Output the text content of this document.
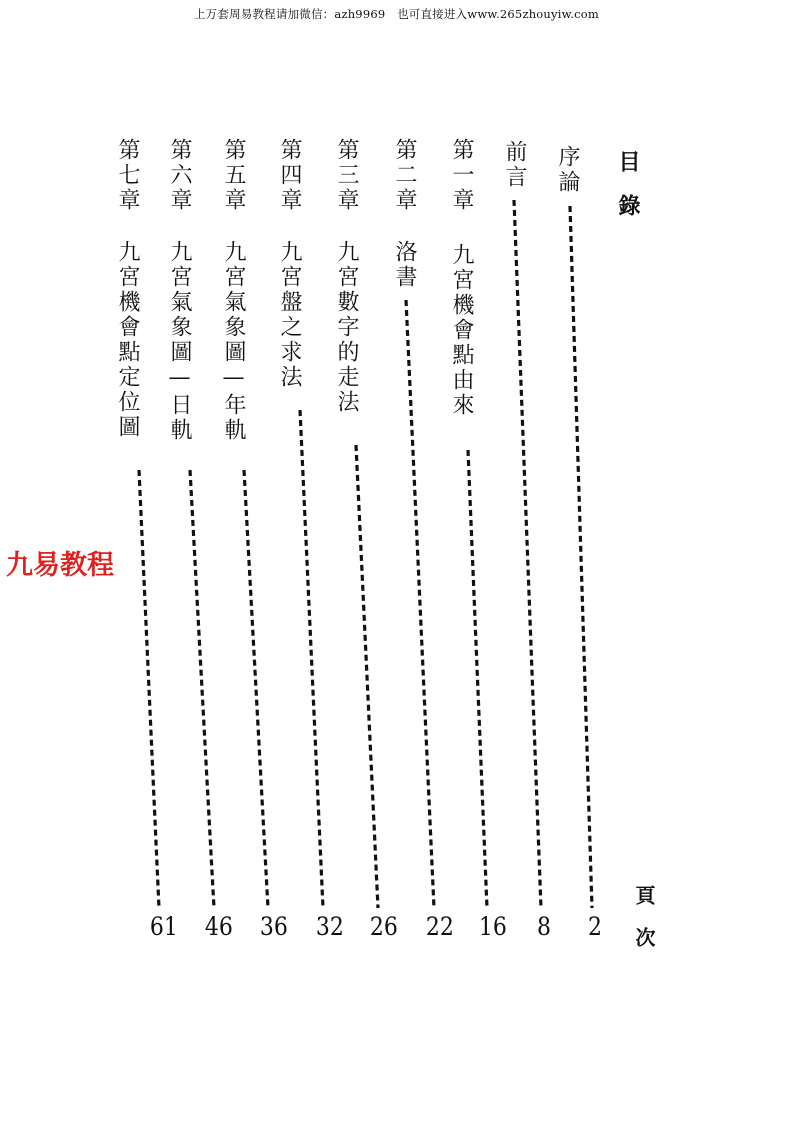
上万套周易教程请加微信：azh9969　也可直接进入www.265zhouyiw.com
目錄
序論
前言
第一章
九宮機會點由來
第二章
洛書
第三章
九宮數字的走法
第四章
九宮盤之求法
第五章
九宮氣象圖—年軌
第六章
九宮氣象圖—日軌
第七章
九宮機會點定位圖
2
8
16
22
26
32
36
46
61	頁次
九易教程
